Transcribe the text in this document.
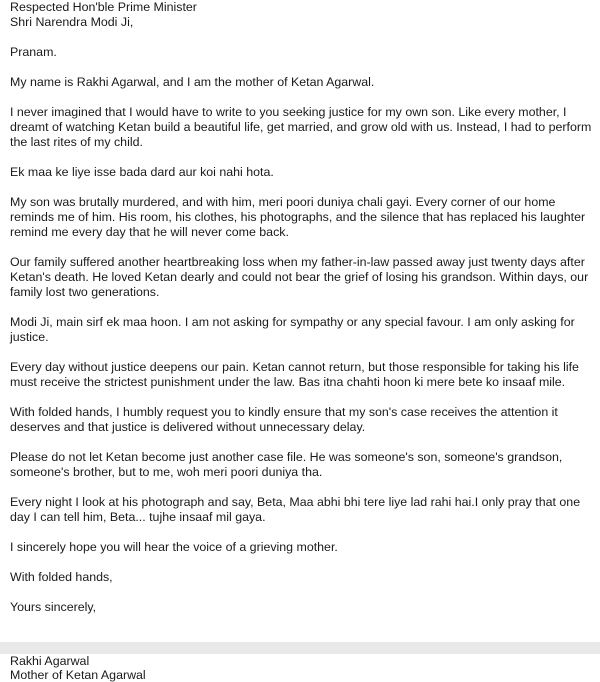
Respected Hon'ble Prime Minister
Shri Narendra Modi Ji,
Pranam.

My name is Rakhi Agarwal, and I am the mother of Ketan Agarwal.

I never imagined that I would have to write to you seeking justice for my own son. Like every mother, I dreamt of watching Ketan build a beautiful life, get married, and grow old with us. Instead, I had to perform the last rites of my child.

Ek maa ke liye isse bada dard aur koi nahi hota.

My son was brutally murdered, and with him, meri poori duniya chali gayi. Every corner of our home reminds me of him. His room, his clothes, his photographs, and the silence that has replaced his laughter remind me every day that he will never come back.

Our family suffered another heartbreaking loss when my father-in-law passed away just twenty days after Ketan's death. He loved Ketan dearly and could not bear the grief of losing his grandson. Within days, our family lost two generations.

Modi Ji, main sirf ek maa hoon. I am not asking for sympathy or any special favour. I am only asking for justice.

Every day without justice deepens our pain. Ketan cannot return, but those responsible for taking his life must receive the strictest punishment under the law. Bas itna chahti hoon ki mere bete ko insaaf mile.

With folded hands, I humbly request you to kindly ensure that my son's case receives the attention it deserves and that justice is delivered without unnecessary delay.

Please do not let Ketan become just another case file. He was someone's son, someone's grandson, someone's brother, but to me, woh meri poori duniya tha.

Every night I look at his photograph and say, Beta, Maa abhi bhi tere liye lad rahi hai.I only pray that one day I can tell him, Beta... tujhe insaaf mil gaya.

I sincerely hope you will hear the voice of a grieving mother.

With folded hands,

Yours sincerely,

Rakhi Agarwal
Mother of Ketan Agarwal
